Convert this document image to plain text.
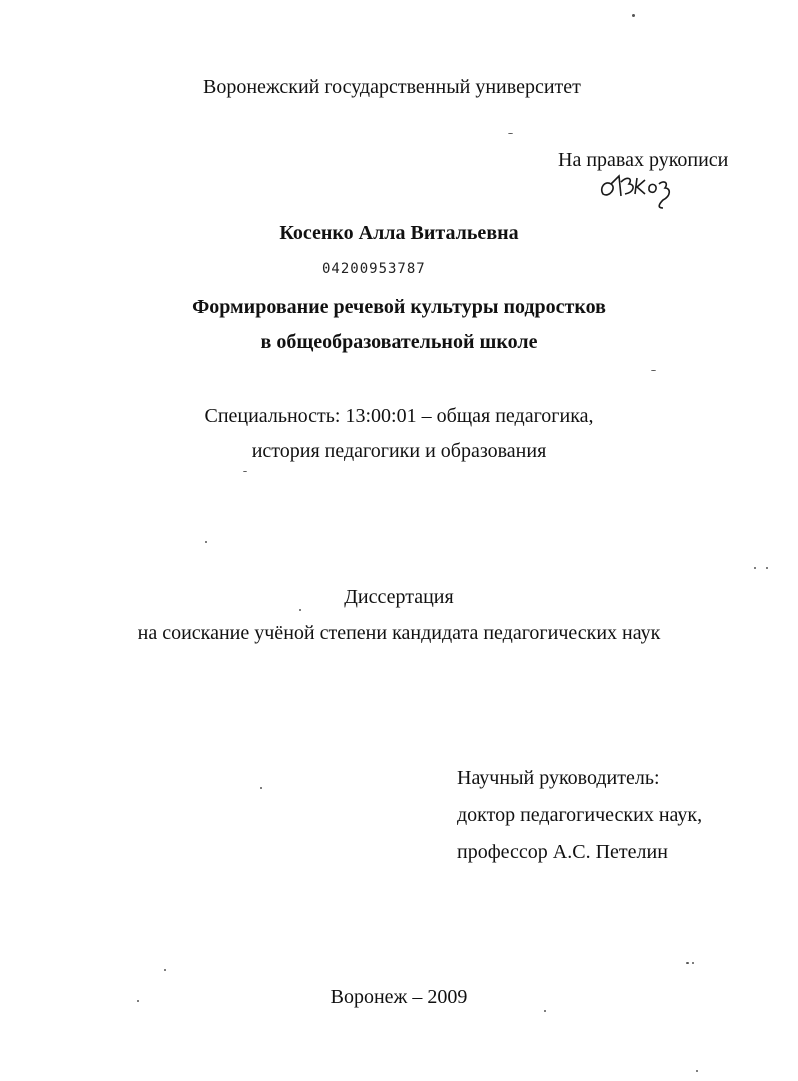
Воронежский государственный университет
На правах рукописи
Косенко Алла Витальевна
04200953787
Формирование речевой культуры подростков
в общеобразовательной школе
Специальность: 13:00:01 – общая педагогика,
история педагогики и образования
Диссертация
на соискание учёной степени кандидата педагогических наук
Научный руководитель:
доктор педагогических наук,
профессор А.С. Петелин
Воронеж – 2009
